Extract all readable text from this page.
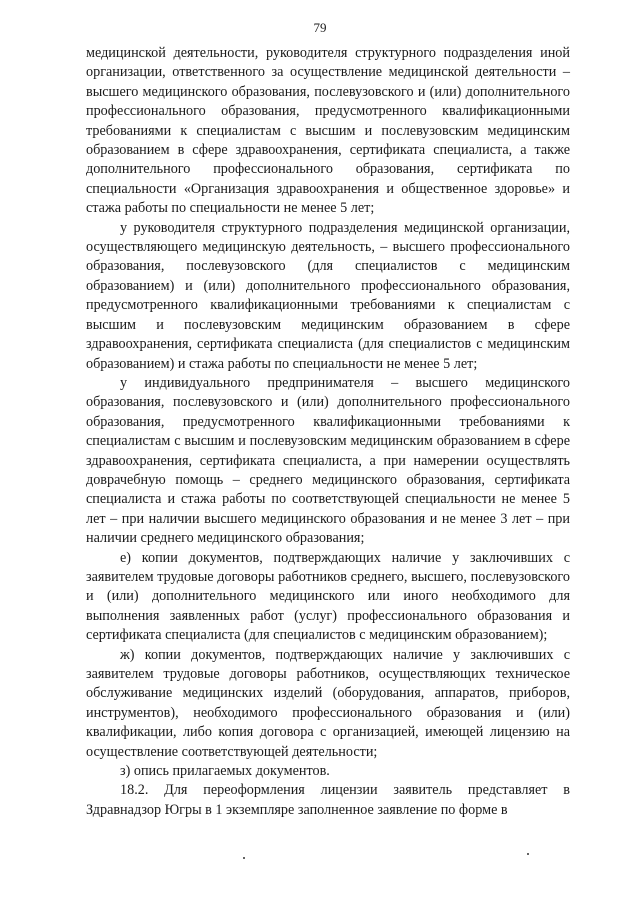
79

медицинской деятельности, руководителя структурного подразделения иной организации, ответственного за осуществление медицинской деятельности – высшего медицинского образования, послевузовского и (или) дополнительного профессионального образования, предусмотренного квалификационными требованиями к специалистам с высшим и послевузовским медицинским образованием в сфере здравоохранения, сертификата специалиста, а также дополнительного профессионального образования, сертификата по специальности «Организация здравоохранения и общественное здоровье» и стажа работы по специальности не менее 5 лет;

у руководителя структурного подразделения медицинской организации, осуществляющего медицинскую деятельность, – высшего профессионального образования, послевузовского (для специалистов с медицинским образованием) и (или) дополнительного профессионального образования, предусмотренного квалификационными требованиями к специалистам с высшим и послевузовским медицинским образованием в сфере здравоохранения, сертификата специалиста (для специалистов с медицинским образованием) и стажа работы по специальности не менее 5 лет;

у индивидуального предпринимателя – высшего медицинского образования, послевузовского и (или) дополнительного профессионального образования, предусмотренного квалификационными требованиями к специалистам с высшим и послевузовским медицинским образованием в сфере здравоохранения, сертификата специалиста, а при намерении осуществлять доврачебную помощь – среднего медицинского образования, сертификата специалиста и стажа работы по соответствующей специальности не менее 5 лет – при наличии высшего медицинского образования и не менее 3 лет – при наличии среднего медицинского образования;

е) копии документов, подтверждающих наличие у заключивших с заявителем трудовые договоры работников среднего, высшего, послевузовского и (или) дополнительного медицинского или иного необходимого для выполнения заявленных работ (услуг) профессионального образования и сертификата специалиста (для специалистов с медицинским образованием);

ж) копии документов, подтверждающих наличие у заключивших с заявителем трудовые договоры работников, осуществляющих техническое обслуживание медицинских изделий (оборудования, аппаратов, приборов, инструментов), необходимого профессионального образования и (или) квалификации, либо копия договора с организацией, имеющей лицензию на осуществление соответствующей деятельности;

з) опись прилагаемых документов.

18.2. Для переоформления лицензии заявитель представляет в Здравнадзор Югры в 1 экземпляре заполненное заявление по форме в
